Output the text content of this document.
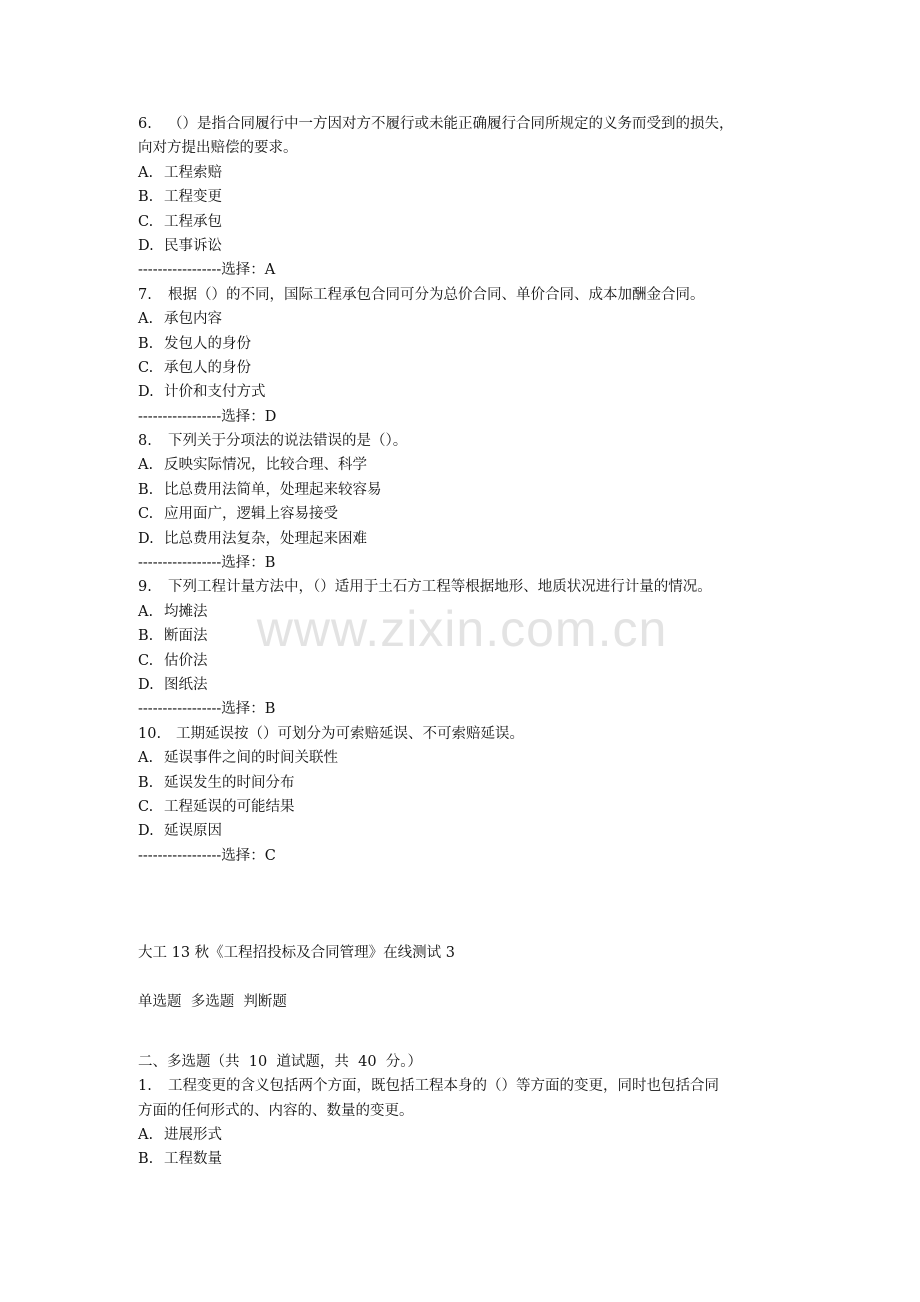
www.zixin.com.cn
6. （）是指合同履行中一方因对方不履行或未能正确履行合同所规定的义务而受到的损失，
向对方提出赔偿的要求。
A. 工程索赔
B. 工程变更
C. 工程承包
D. 民事诉讼
-----------------选择：A
7. 根据（）的不同，国际工程承包合同可分为总价合同、单价合同、成本加酬金合同。
A. 承包内容
B. 发包人的身份
C. 承包人的身份
D. 计价和支付方式
-----------------选择：D
8. 下列关于分项法的说法错误的是（）。
A. 反映实际情况，比较合理、科学
B. 比总费用法简单，处理起来较容易
C. 应用面广，逻辑上容易接受
D. 比总费用法复杂，处理起来困难
-----------------选择：B
9. 下列工程计量方法中，（）适用于土石方工程等根据地形、地质状况进行计量的情况。
A. 均摊法
B. 断面法
C. 估价法
D. 图纸法
-----------------选择：B
10. 工期延误按（）可划分为可索赔延误、不可索赔延误。
A. 延误事件之间的时间关联性
B. 延误发生的时间分布
C. 工程延误的可能结果
D. 延误原因
-----------------选择：C
大工 13 秋《工程招投标及合同管理》在线测试 3
单选题  多选题  判断题
二、多选题（共  10  道试题，共  40  分。）
1. 工程变更的含义包括两个方面，既包括工程本身的（）等方面的变更，同时也包括合同
方面的任何形式的、内容的、数量的变更。
A. 进展形式
B. 工程数量
